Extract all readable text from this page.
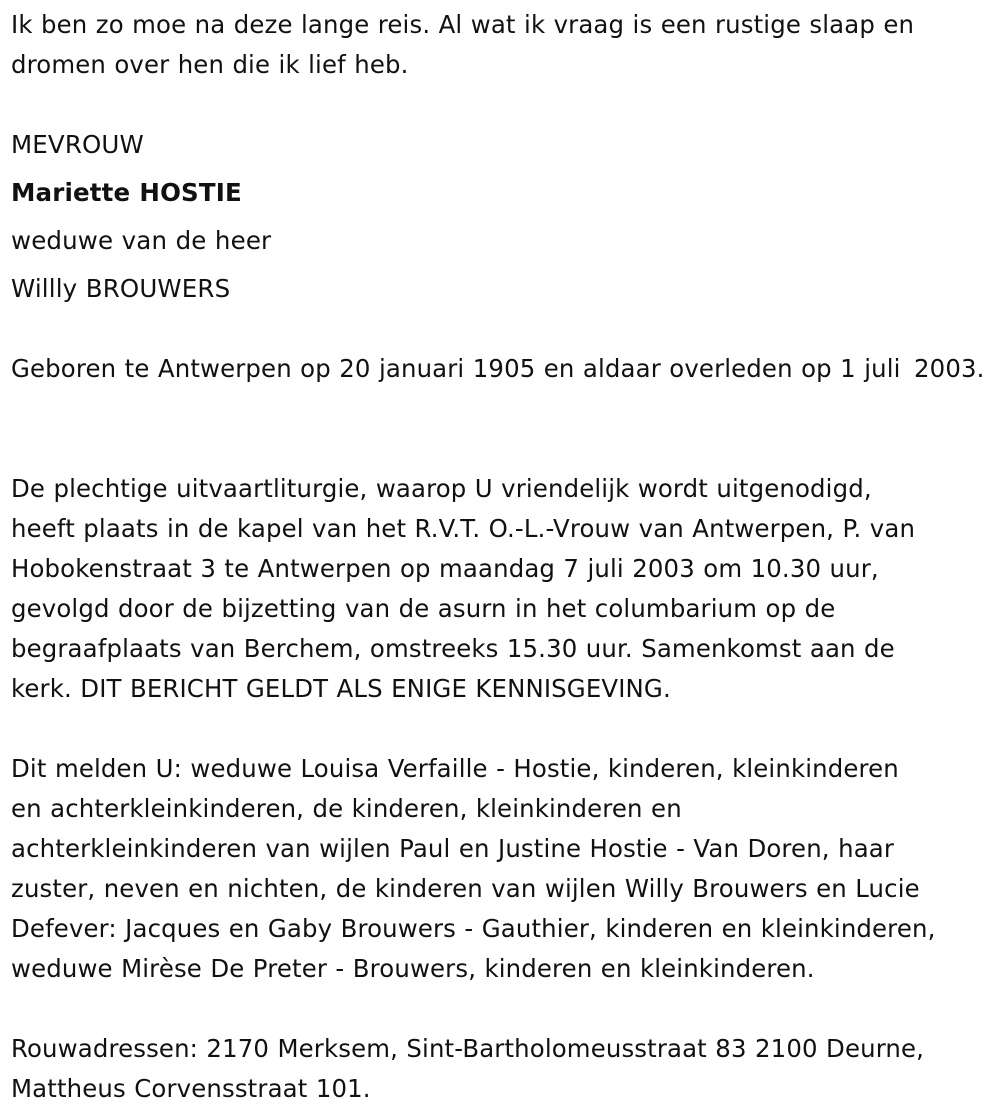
Ik ben zo moe na deze lange reis. Al wat ik vraag is een rustige slaap en dromen over hen die ik lief heb.

MEVROUW

Mariette HOSTIE

weduwe van de heer

Willly BROUWERS

Geboren te Antwerpen op 20 januari 1905 en aldaar overleden op 1 juli 2003.

De plechtige uitvaartliturgie, waarop U vriendelijk wordt uitgenodigd, heeft plaats in de kapel van het R.V.T. O.-L.-Vrouw van Antwerpen, P. van Hobokenstraat 3 te Antwerpen op maandag 7 juli 2003 om 10.30 uur, gevolgd door de bijzetting van de asurn in het columbarium op de begraafplaats van Berchem, omstreeks 15.30 uur. Samenkomst aan de kerk. DIT BERICHT GELDT ALS ENIGE KENNISGEVING.

Dit melden U: weduwe Louisa Verfaille - Hostie, kinderen, kleinkinderen en achterkleinkinderen, de kinderen, kleinkinderen en achterkleinkinderen van wijlen Paul en Justine Hostie - Van Doren, haar zuster, neven en nichten, de kinderen van wijlen Willy Brouwers en Lucie Defever: Jacques en Gaby Brouwers - Gauthier, kinderen en kleinkinderen, weduwe Mirèse De Preter - Brouwers, kinderen en kleinkinderen.

Rouwadressen: 2170 Merksem, Sint-Bartholomeusstraat 83 2100 Deurne, Mattheus Corvensstraat 101.
